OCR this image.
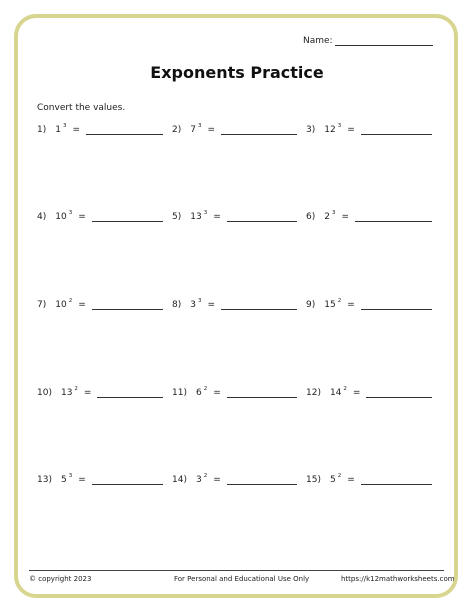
Name:
Exponents Practice
Convert the values.
1) 1 $^3$ =	2) 7 $^3$ =	3) 12 $^3$ =
4) 10 $^3$ =	5) 13 $^3$ =	6) 2 $^3$ =
7) 10 $^2$ =	8) 3 $^3$ =	9) 15 $^2$ =
10) 13 $^2$ =	11) 6 $^2$ =	12) 14 $^2$ =
13) 5 $^3$ =	14) 3 $^2$ =	15) 5 $^2$ =
© copyright 2023	For Personal and Educational Use Only	https://k12mathworksheets.com
